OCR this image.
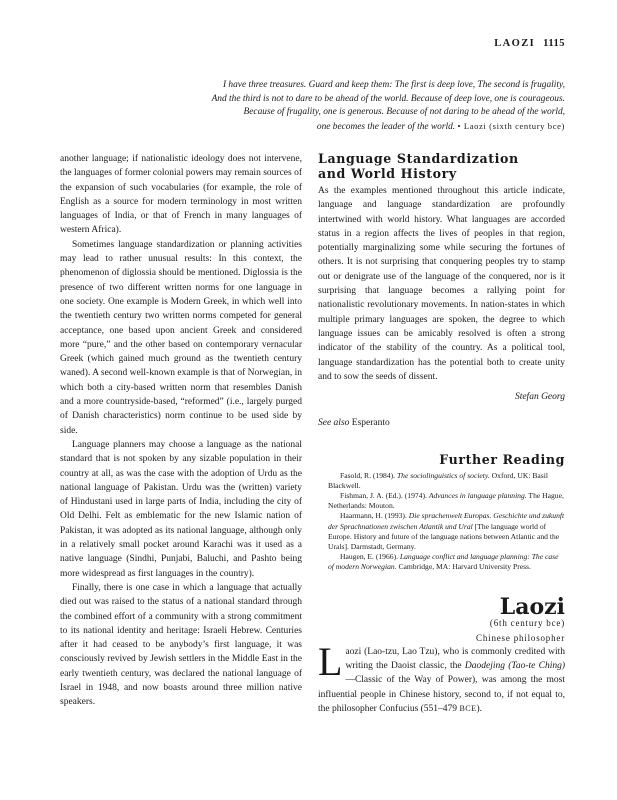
LAOZI 1115
I have three treasures. Guard and keep them: The first is deep love, The second is frugality,
And the third is not to dare to be ahead of the world. Because of deep love, one is courageous.
Because of frugality, one is generous. Because of not daring to be ahead of the world,
one becomes the leader of the world. • Laozi (sixth century bce)

another language; if nationalistic ideology does not intervene, the languages of former colonial powers may remain sources of the expansion of such vocabularies (for example, the role of English as a source for modern terminology in most written languages of India, or that of French in many languages of western Africa).

Sometimes language standardization or planning activities may lead to rather unusual results: In this context, the phenomenon of diglossia should be mentioned. Diglossia is the presence of two different written norms for one language in one society. One example is Modern Greek, in which well into the twentieth century two written norms competed for general acceptance, one based upon ancient Greek and considered more “pure,” and the other based on contemporary vernacular Greek (which gained much ground as the twentieth century waned). A second well-known example is that of Norwegian, in which both a city-based written norm that resembles Danish and a more countryside-based, “reformed” (i.e., largely purged of Danish characteristics) norm continue to be used side by side.

Language planners may choose a language as the national standard that is not spoken by any sizable population in their country at all, as was the case with the adoption of Urdu as the national language of Pakistan. Urdu was the (written) variety of Hindustani used in large parts of India, including the city of Old Delhi. Felt as emblematic for the new Islamic nation of Pakistan, it was adopted as its national language, although only in a relatively small pocket around Karachi was it used as a native language (Sindhi, Punjabi, Baluchi, and Pashto being more widespread as first languages in the country).

Finally, there is one case in which a language that actually died out was raised to the status of a national standard through the combined effort of a community with a strong commitment to its national identity and heritage: Israeli Hebrew. Centuries after it had ceased to be anybody’s first language, it was consciously revived by Jewish settlers in the Middle East in the early twentieth century, was declared the national language of Israel in 1948, and now boasts around three million native speakers.

Language Standardization
and World History

As the examples mentioned throughout this article indicate, language and language standardization are profoundly intertwined with world history. What languages are accorded status in a region affects the lives of peoples in that region, potentially marginalizing some while securing the fortunes of others. It is not surprising that conquering peoples try to stamp out or denigrate use of the language of the conquered, nor is it surprising that language becomes a rallying point for nationalistic revolutionary movements. In nation-states in which multiple primary languages are spoken, the degree to which language issues can be amicably resolved is often a strong indicator of the stability of the country. As a political tool, language standardization has the potential both to create unity and to sow the seeds of dissent.

Stefan Georg

See also Esperanto

Further Reading

Fasold, R. (1984). The sociolinguistics of society. Oxford, UK: Basil Blackwell.

Fishman, J. A. (Ed.). (1974). Advances in language planning. The Hague, Netherlands: Mouton.

Haarmann, H. (1993). Die sprachenwelt Europas. Geschichte und zukunft der Sprachnationen zwischen Atlantik und Ural [The language world of Europe. History and future of the language nations between Atlantic and the Urals]. Darmstadt, Germany.

Haugen, E. (1966). Language conflict and language planning: The case of modern Norwegian. Cambridge, MA: Harvard University Press.

Laozi

(6th century bce)

Chinese philosopher

Laozi (Lao-tzu, Lao Tzu), who is commonly credited with writing the Daoist classic, the Daodejing (Tao-te Ching)—Classic of the Way of Power), was among the most influential people in Chinese history, second to, if not equal to, the philosopher Confucius (551–479 BCE).
